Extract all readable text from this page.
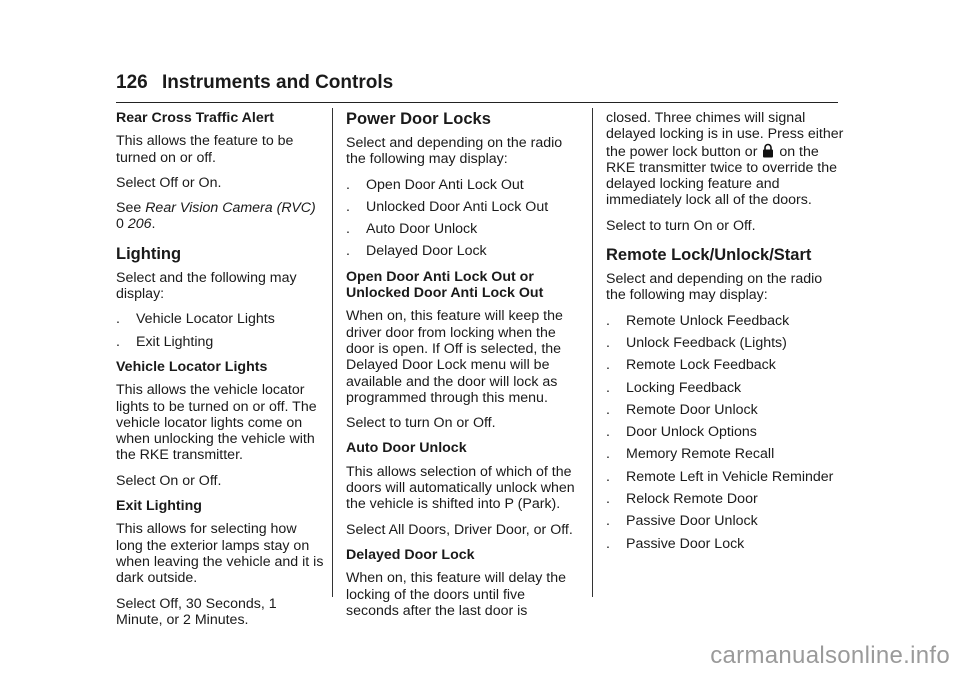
126 Instruments and Controls

Rear Cross Traffic Alert

This allows the feature to be turned on or off.

Select Off or On.

See Rear Vision Camera (RVC)
0 206.

Lighting

Select and the following may display:

.	Vehicle Locator Lights
.	Exit Lighting

Vehicle Locator Lights

This allows the vehicle locator lights to be turned on or off. The vehicle locator lights come on when unlocking the vehicle with the RKE transmitter.

Select On or Off.

Exit Lighting

This allows for selecting how long the exterior lamps stay on when leaving the vehicle and it is dark outside.

Select Off, 30 Seconds, 1 Minute, or 2 Minutes.

Power Door Locks

Select and depending on the radio the following may display:

.	Open Door Anti Lock Out
.	Unlocked Door Anti Lock Out
.	Auto Door Unlock
.	Delayed Door Lock

Open Door Anti Lock Out or Unlocked Door Anti Lock Out

When on, this feature will keep the driver door from locking when the door is open. If Off is selected, the Delayed Door Lock menu will be available and the door will lock as programmed through this menu.

Select to turn On or Off.

Auto Door Unlock

This allows selection of which of the doors will automatically unlock when the vehicle is shifted into P (Park).

Select All Doors, Driver Door, or Off.

Delayed Door Lock

When on, this feature will delay the locking of the doors until five seconds after the last door is

closed. Three chimes will signal delayed locking is in use. Press either the power lock button or on the RKE transmitter twice to override the delayed locking feature and immediately lock all of the doors.

Select to turn On or Off.

Remote Lock/Unlock/Start

Select and depending on the radio the following may display:

.	Remote Unlock Feedback
.	Unlock Feedback (Lights)
.	Remote Lock Feedback
.	Locking Feedback
.	Remote Door Unlock
.	Door Unlock Options
.	Memory Remote Recall
.	Remote Left in Vehicle Reminder
.	Relock Remote Door
.	Passive Door Unlock
.	Passive Door Lock
carmanualsonline.info
